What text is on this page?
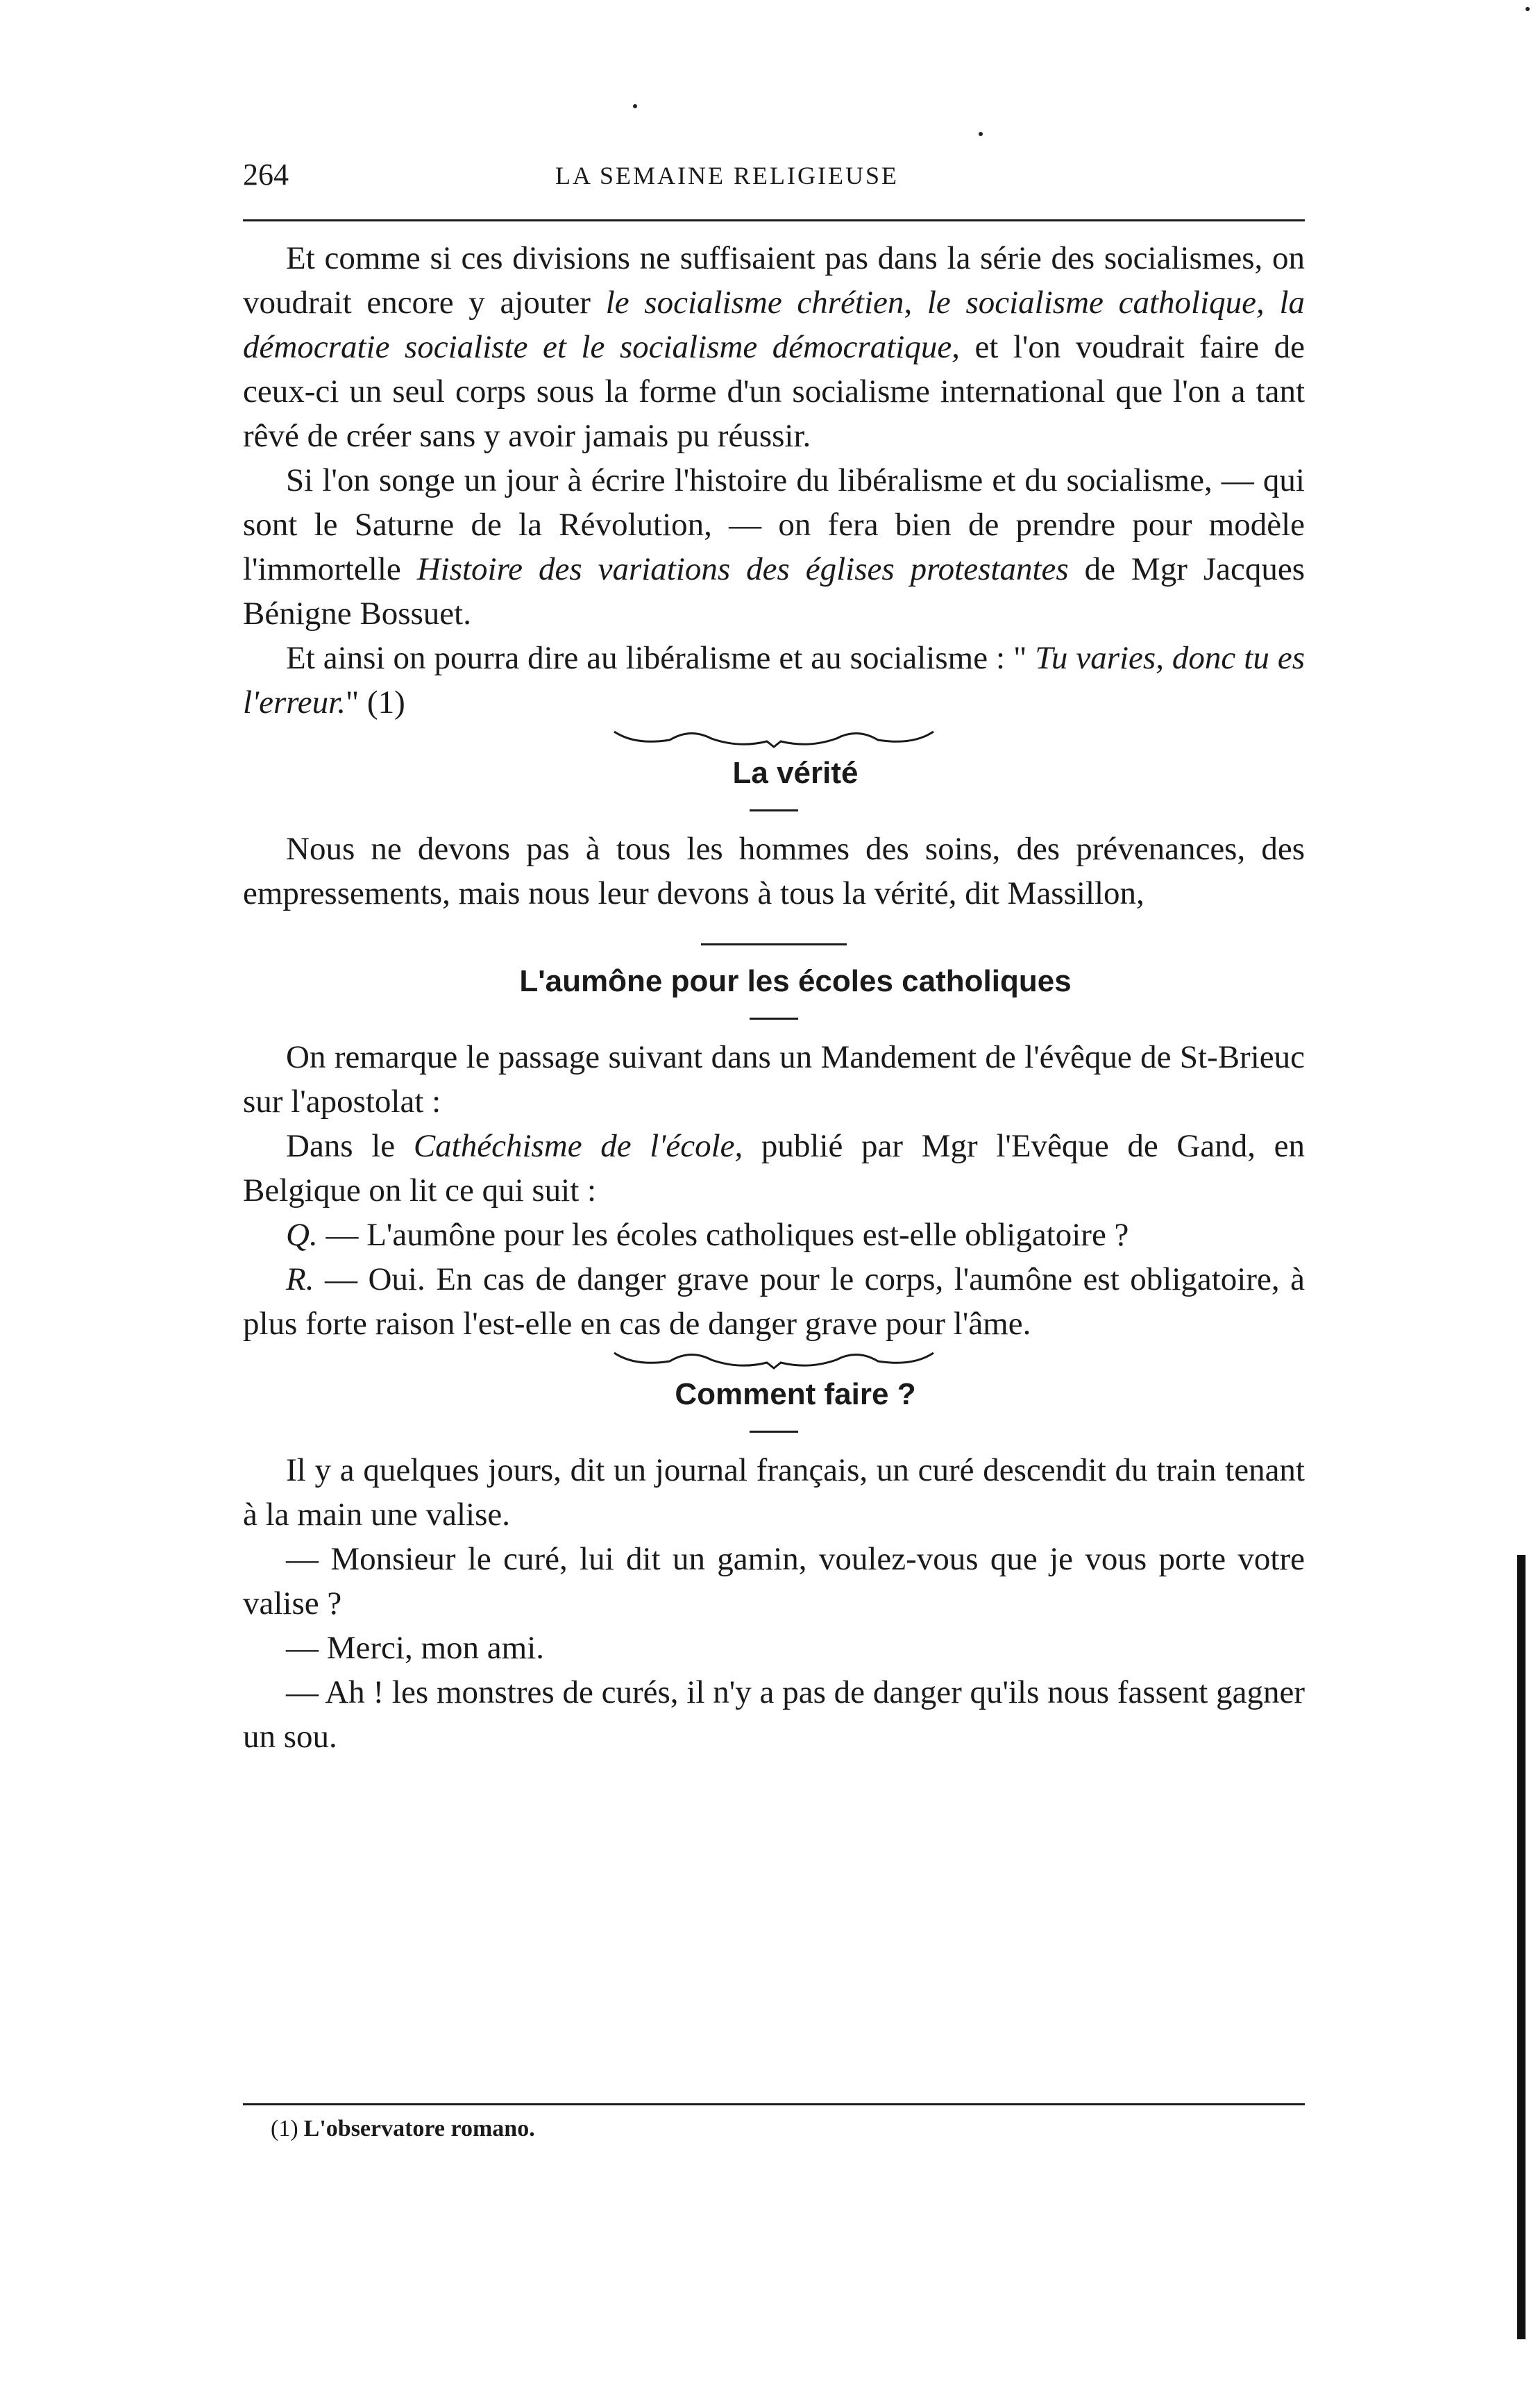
264	LA SEMAINE RELIGIEUSE

Et comme si ces divisions ne suffisaient pas dans la série des socialismes, on voudrait encore y ajouter le socialisme chrétien, le socialisme catholique, la démocratie socialiste et le socialisme démocratique, et l'on voudrait faire de ceux-ci un seul corps sous la forme d'un socialisme international que l'on a tant rêvé de créer sans y avoir jamais pu réussir.

Si l'on songe un jour à écrire l'histoire du libéralisme et du socialisme, — qui sont le Saturne de la Révolution, — on fera bien de prendre pour modèle l'immortelle Histoire des variations des églises protestantes de Mgr Jacques Bénigne Bossuet.

Et ainsi on pourra dire au libéralisme et au socialisme : " Tu varies, donc tu es l'erreur." (1)

La vérité

Nous ne devons pas à tous les hommes des soins, des prévenances, des empressements, mais nous leur devons à tous la vérité, dit Massillon,

L'aumône pour les écoles catholiques

On remarque le passage suivant dans un Mandement de l'évêque de St-Brieuc sur l'apostolat :

Dans le Cathéchisme de l'école, publié par Mgr l'Evêque de Gand, en Belgique on lit ce qui suit :

Q. — L'aumône pour les écoles catholiques est-elle obligatoire ?

R. — Oui. En cas de danger grave pour le corps, l'aumône est obligatoire, à plus forte raison l'est-elle en cas de danger grave pour l'âme.

Comment faire ?

Il y a quelques jours, dit un journal français, un curé descendit du train tenant à la main une valise.

— Monsieur le curé, lui dit un gamin, voulez-vous que je vous porte votre valise ?

— Merci, mon ami.

— Ah ! les monstres de curés, il n'y a pas de danger qu'ils nous fassent gagner un sou.

(1) L'observatore romano.
